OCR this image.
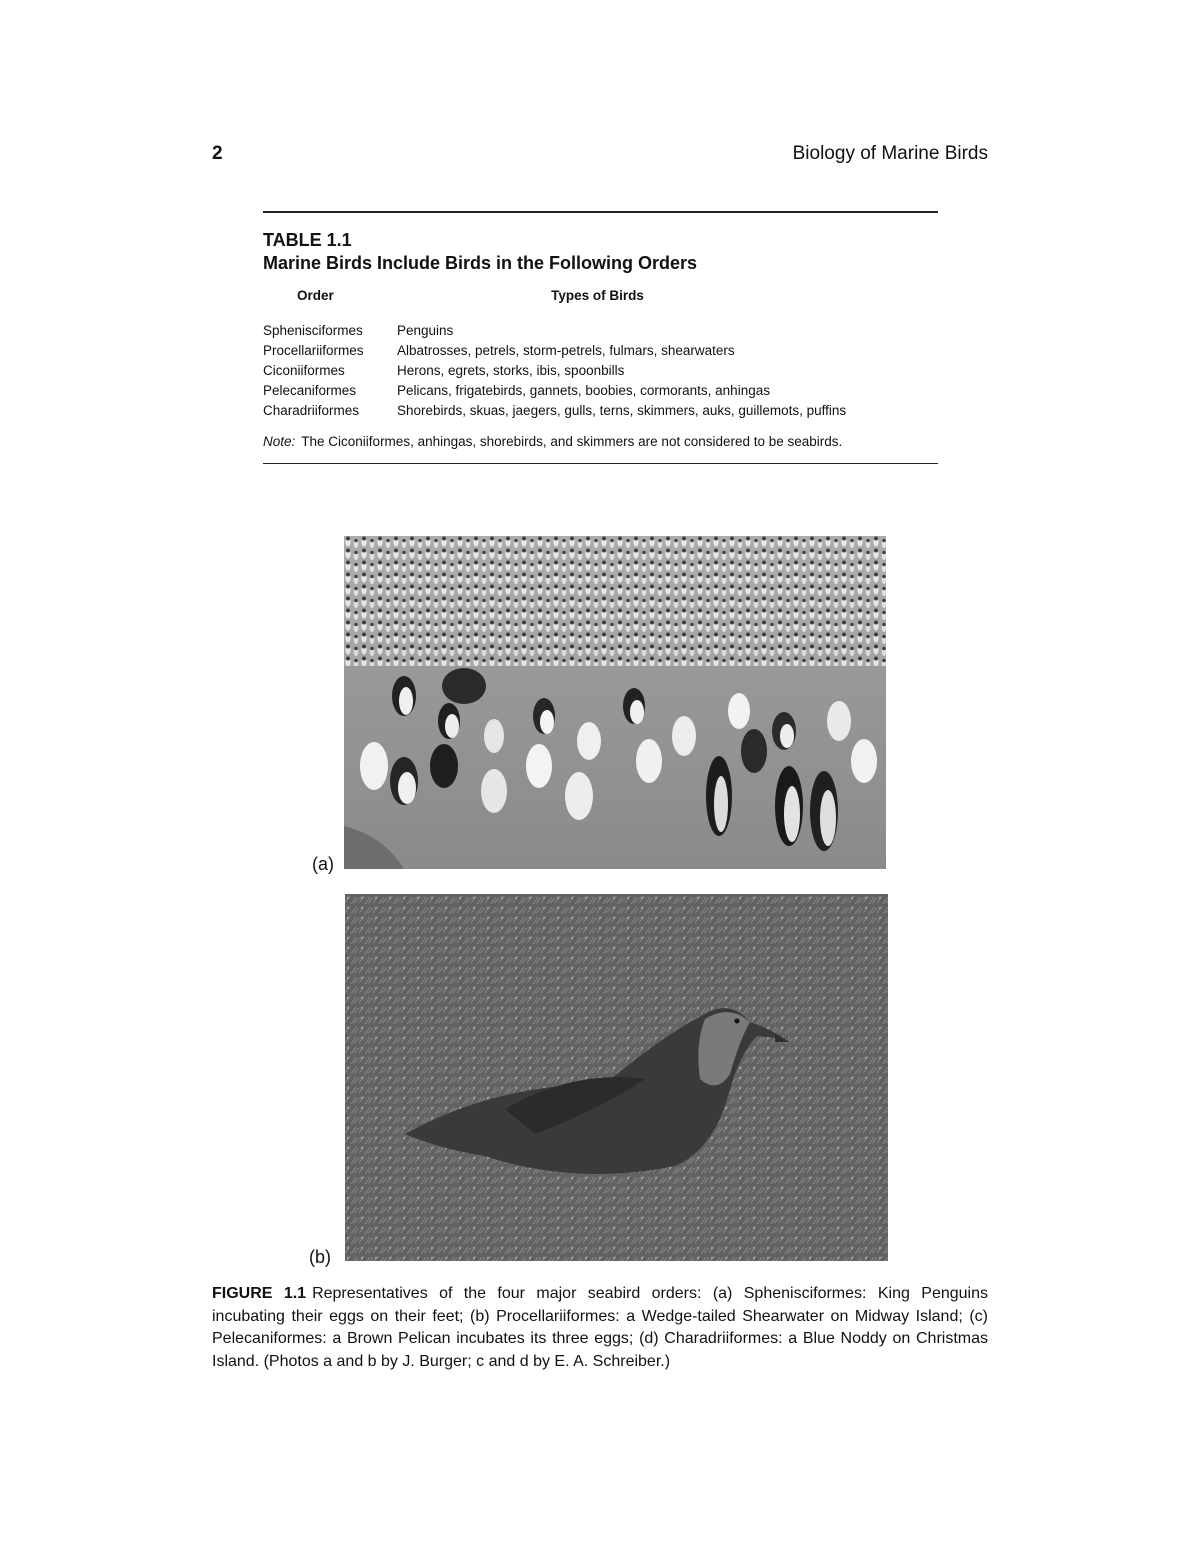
2	Biology of Marine Birds
TABLE 1.1
Marine Birds Include Birds in the Following Orders
Order	Types of Birds
Sphenisciformes	Penguins
Procellariiformes	Albatrosses, petrels, storm-petrels, fulmars, shearwaters
Ciconiiformes	Herons, egrets, storks, ibis, spoonbills
Pelecaniformes	Pelicans, frigatebirds, gannets, boobies, cormorants, anhingas
Charadriiformes	Shorebirds, skuas, jaegers, gulls, terns, skimmers, auks, guillemots, puffins
Note: The Ciconiiformes, anhingas, shorebirds, and skimmers are not considered to be seabirds.
(a)
(b)
FIGURE 1.1 Representatives of the four major seabird orders: (a) Sphenisciformes: King Penguins incubating their eggs on their feet; (b) Procellariiformes: a Wedge-tailed Shearwater on Midway Island; (c) Pelecaniformes: a Brown Pelican incubates its three eggs; (d) Charadriiformes: a Blue Noddy on Christmas Island. (Photos a and b by J. Burger; c and d by E. A. Schreiber.)
